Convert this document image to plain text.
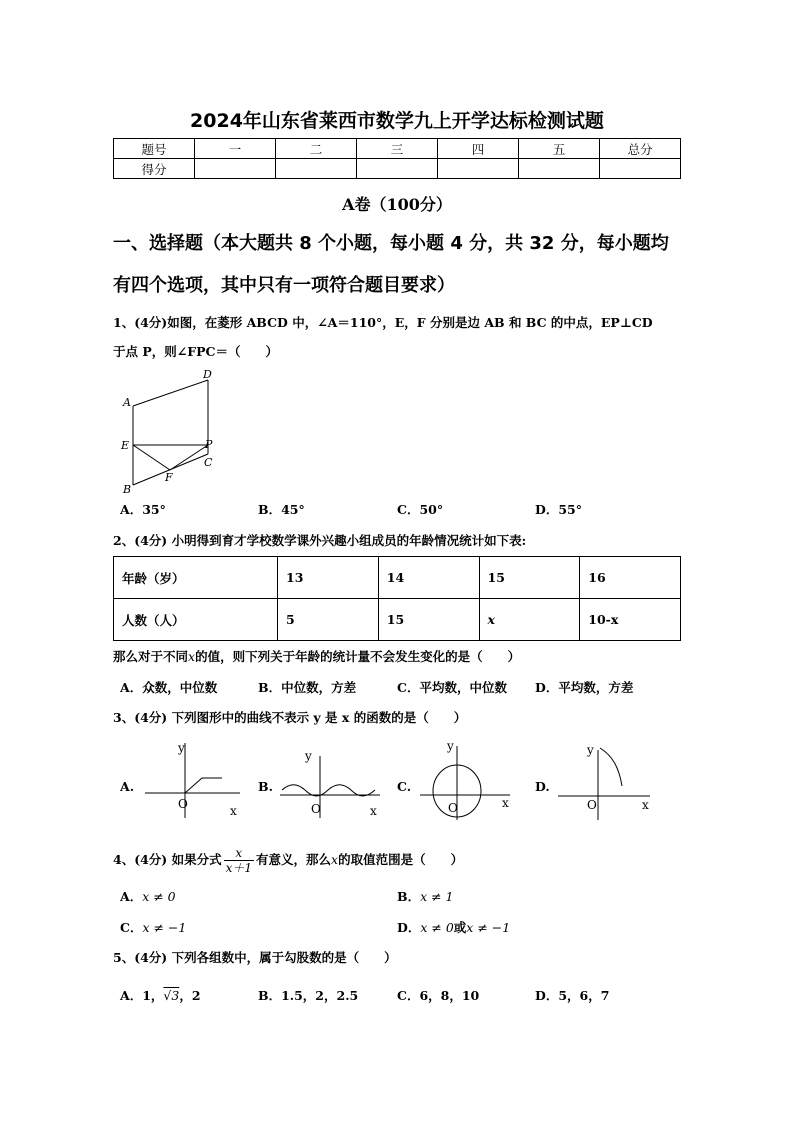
2024年山东省莱西市数学九上开学达标检测试题
题号	一	二	三	四	五	总分
得分						
A卷（100分）
一、选择题（本大题共 8 个小题，每小题 4 分，共 32 分，每小题均
有四个选项，其中只有一项符合题目要求）
1、(4分)如图，在菱形 ABCD 中，∠A＝110°，E，F 分别是边 AB 和 BC 的中点，EP⊥CD
于点 P，则∠FPC＝（　　）
A
D
E	P
C
F
B
A．35°	B．45°	C．50°	D．55°
2、(4分) 小明得到育才学校数学课外兴趣小组成员的年龄情况统计如下表:
年龄（岁）	13	14	15	16
人数（人）	5	15	x	10-x
那么对于不同x的值，则下列关于年龄的统计量不会发生变化的是（　　）
A．众数，中位数	B．中位数，方差	C．平均数，中位数 D．平均数，方差
3、(4分) 下列图形中的曲线不表示 y 是 x 的函数的是（　　）
A.
y
x
O
B.
y
x
O
C.
y
x
O
D.
y
x
O
4、(4分) 如果分式 $\frac{x}{x+1}$ 有意义，那么x的取值范围是（　　）
A．x ≠ 0	B．x ≠ 1
C．x ≠ −1	D．x ≠ 0或x ≠ −1
5、(4分) 下列各组数中，属于勾股数的是（　　）
A．1，√3，2	B．1.5，2，2.5	C．6，8，10	D．5，6，7
